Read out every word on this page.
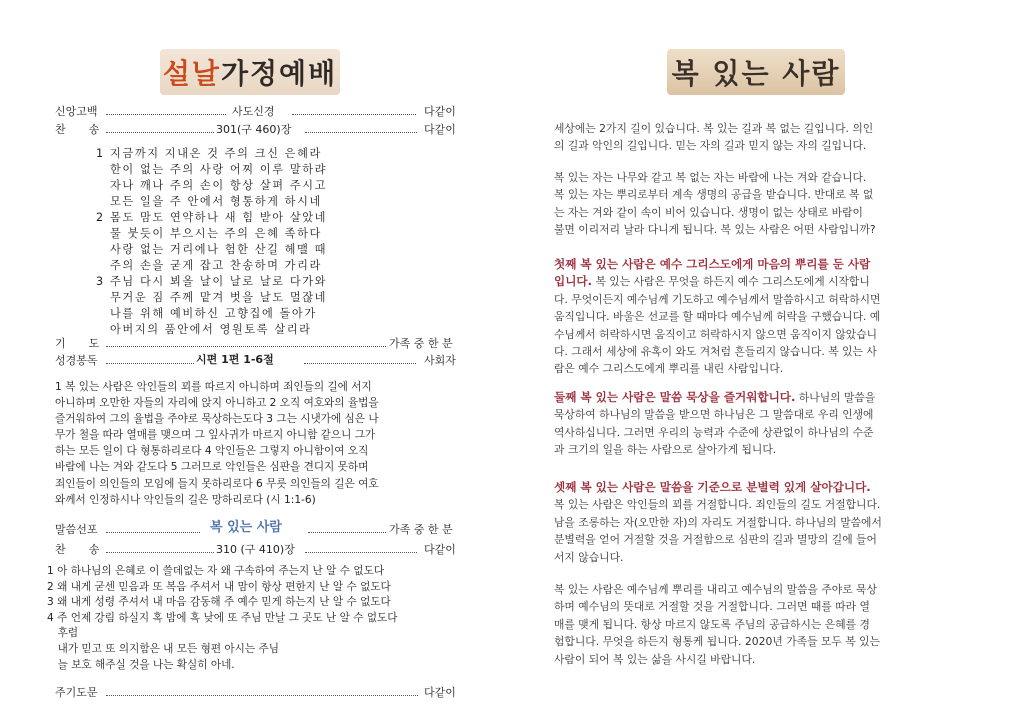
설날가정예배
신앙고백	사도신경	다같이
찬　송	301(구 460)장	다같이
1 지금까지 지내온 것 주의 크신 은혜라
한이 없는 주의 사랑 어찌 이루 말하랴
자나 깨나 주의 손이 항상 살펴 주시고
모든 일을 주 안에서 형통하게 하시네
2 몸도 맘도 연약하나 새 힘 받아 살았네
물 붓듯이 부으시는 주의 은혜 족하다
사랑 없는 거리에나 험한 산길 헤맬 때
주의 손을 굳게 잡고 찬송하며 가리라
3 주님 다시 뵈올 날이 날로 날로 다가와
무거운 짐 주께 맡겨 벗을 날도 멀잖네
나를 위해 예비하신 고향집에 돌아가
아버지의 품안에서 영원토록 살리라
기　도	가족 중 한 분
성경봉독	시편 1편 1-6절	사회자
1 복 있는 사람은 악인들의 꾀를 따르지 아니하며 죄인들의 길에 서지
아니하며 오만한 자들의 자리에 앉지 아니하고 2 오직 여호와의 율법을
즐거워하여 그의 율법을 주야로 묵상하는도다 3 그는 시냇가에 심은 나
무가 철을 따라 열매를 맺으며 그 잎사귀가 마르지 아니함 같으니 그가
하는 모든 일이 다 형통하리로다 4 악인들은 그렇지 아니함이여 오직
바람에 나는 겨와 같도다 5 그러므로 악인들은 심판을 견디지 못하며
죄인들이 의인들의 모임에 들지 못하리로다 6 무릇 의인들의 길은 여호
와께서 인정하시나 악인들의 길은 망하리로다 (시 1:1-6)
말씀선포	복 있는 사람	가족 중 한 분
찬　송	310 (구 410)장	다같이
1 아 하나님의 은혜로 이 쓸데없는 자 왜 구속하여 주는지 난 알 수 없도다
2 왜 내게 굳센 믿음과 또 복음 주셔서 내 맘이 항상 편한지 난 알 수 없도다
3 왜 내게 성령 주셔서 내 마음 감동해 주 예수 믿게 하는지 난 알 수 없도다
4 주 언제 강림 하실지 혹 밤에 혹 낮에 또 주님 만날 그 곳도 난 알 수 없도다
　후렴
　내가 믿고 또 의지함은 내 모든 형편 아시는 주님
　늘 보호 해주실 것을 나는 확실히 아네.
주기도문	다같이
복 있는 사람
세상에는 2가지 길이 있습니다. 복 있는 길과 복 없는 길입니다. 의인
의 길과 악인의 길입니다. 믿는 자의 길과 믿지 않는 자의 길입니다.
복 있는 자는 나무와 같고 복 없는 자는 바람에 나는 겨와 같습니다.
복 있는 자는 뿌리로부터 계속 생명의 공급을 받습니다. 반대로 복 없
는 자는 겨와 같이 속이 비어 있습니다. 생명이 없는 상태로 바람이
불면 이리저리 날라 다니게 됩니다. 복 있는 사람은 어떤 사람입니까?
첫째 복 있는 사람은 예수 그리스도에게 마음의 뿌리를 둔 사람
입니다. 복 있는 사람은 무엇을 하든지 예수 그리스도에게 시작합니
다. 무엇이든지 예수님께 기도하고 예수님께서 말씀하시고 허락하시면
움직입니다. 바울은 선교를 할 때마다 예수님께 허락을 구했습니다. 예
수님께서 허락하시면 움직이고 허락하시지 않으면 움직이지 않았습니
다. 그래서 세상에 유혹이 와도 겨처럼 흔들리지 않습니다. 복 있는 사
람은 예수 그리스도에게 뿌리를 내린 사람입니다.
둘째 복 있는 사람은 말씀 묵상을 즐거워합니다. 하나님의 말씀을
묵상하여 하나님의 말씀을 받으면 하나님은 그 말씀대로 우리 인생에
역사하십니다. 그러면 우리의 능력과 수준에 상관없이 하나님의 수준
과 크기의 일을 하는 사람으로 살아가게 됩니다.
셋째 복 있는 사람은 말씀을 기준으로 분별력 있게 살아갑니다.
복 있는 사람은 악인들의 꾀를 거절합니다. 죄인들의 길도 거절합니다.
남을 조롱하는 자(오만한 자)의 자리도 거절합니다. 하나님의 말씀에서
분별력을 얻어 거절할 것을 거절함으로 심판의 길과 멸망의 길에 들어
서지 않습니다.
복 있는 사람은 예수님께 뿌리를 내리고 예수님의 말씀을 주야로 묵상
하며 예수님의 뜻대로 거절할 것을 거절합니다. 그러면 때를 따라 열
매를 맺게 됩니다. 항상 마르지 않도록 주님의 공급하시는 은혜를 경
험합니다. 무엇을 하든지 형통케 됩니다. 2020년 가족들 모두 복 있는
사람이 되어 복 있는 삶을 사시길 바랍니다.
